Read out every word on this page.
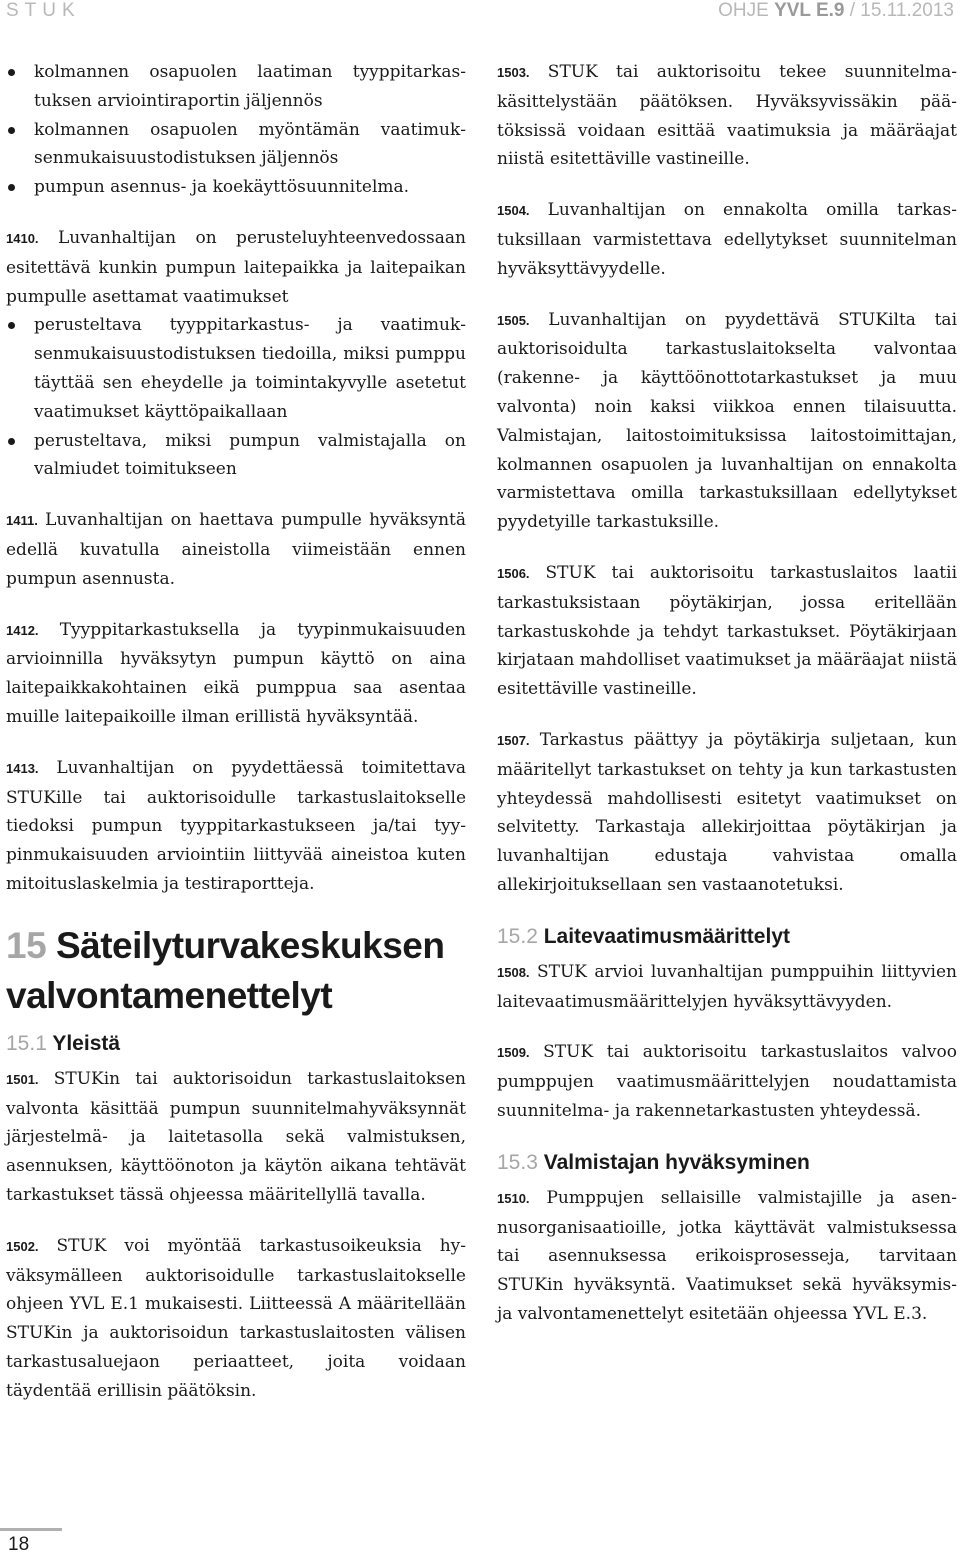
STUK	OHJE YVL E.9 / 15.11.2013
kolmannen osapuolen laatiman tyyppitarkastuksen arviointiraportin jäljennös
kolmannen osapuolen myöntämän vaatimuksenmukaisuustodistuksen jäljennös
pumpun asennus- ja koekäyttösuunnitelma.
1410. Luvanhaltijan on perusteluyhteenvedossaan esitettävä kunkin pumpun laitepaikka ja laitepaikan pumpulle asettamat vaatimukset
perusteltava tyyppitarkastus- ja vaatimuksenmukaisuustodistuksen tiedoilla, miksi pumppu täyttää sen eheydelle ja toimintakyvylle asetetut vaatimukset käyttöpaikallaan
perusteltava, miksi pumpun valmistajalla on valmiudet toimitukseen

1411. Luvanhaltijan on haettava pumpulle hyväksyntä edellä kuvatulla aineistolla viimeistään ennen pumpun asennusta.

1412. Tyyppitarkastuksella ja tyypinmukaisuuden arvioinnilla hyväksytyn pumpun käyttö on aina laitepaikkakohtainen eikä pumppua saa asentaa muille laitepaikoille ilman erillistä hyväksyntää.

1413. Luvanhaltijan on pyydettäessä toimitettava STUKille tai auktorisoidulle tarkastuslaitokselle tiedoksi pumpun tyyppitarkastukseen ja/tai tyypinmukaisuuden arviointiin liittyvää aineistoa kuten mitoituslaskelmia ja testiraportteja.

15 Säteilyturvakeskuksen valvontamenettelyt
15.1 Yleistä

1501. STUKin tai auktorisoidun tarkastuslaitoksen valvonta käsittää pumpun suunnitelmahyväksynnät järjestelmä- ja laitetasolla sekä valmistuksen, asennuksen, käyttöönoton ja käytön aikana tehtävät tarkastukset tässä ohjeessa määritellyllä tavalla.

1502. STUK voi myöntää tarkastusoikeuksia hyväksymälleen auktorisoidulle tarkastuslaitokselle ohjeen YVL E.1 mukaisesti. Liitteessä A määritellään STUKin ja auktorisoidun tarkastuslaitosten välisen tarkastusaluejaon periaatteet, joita voidaan täydentää erillisin päätöksin.

1503. STUK tai auktorisoitu tekee suunnitelmakäsittelystään päätöksen. Hyväksyvissäkin päätöksissä voidaan esittää vaatimuksia ja määräajat niistä esitettäville vastineille.

1504. Luvanhaltijan on ennakolta omilla tarkastuksillaan varmistettava edellytykset suunnitelman hyväksyttävyydelle.

1505. Luvanhaltijan on pyydettävä STUKilta tai auktorisoidulta tarkastuslaitokselta valvontaa (rakenne- ja käyttöönottotarkastukset ja muu valvonta) noin kaksi viikkoa ennen tilaisuutta. Valmistajan, laitostoimituksissa laitostoimittajan, kolmannen osapuolen ja luvanhaltijan on ennakolta varmistettava omilla tarkastuksillaan edellytykset pyydetyille tarkastuksille.

1506. STUK tai auktorisoitu tarkastuslaitos laatii tarkastuksistaan pöytäkirjan, jossa eritellään tarkastuskohde ja tehdyt tarkastukset. Pöytäkirjaan kirjataan mahdolliset vaatimukset ja määräajat niistä esitettäville vastineille.

1507. Tarkastus päättyy ja pöytäkirja suljetaan, kun määritellyt tarkastukset on tehty ja kun tarkastusten yhteydessä mahdollisesti esitetyt vaatimukset on selvitetty. Tarkastaja allekirjoittaa pöytäkirjan ja luvanhaltijan edustaja vahvistaa omalla allekirjoituksellaan sen vastaanotetuksi.

15.2 Laitevaatimusmäärittelyt

1508. STUK arvioi luvanhaltijan pumppuihin liittyvien laitevaatimusmäärittelyjen hyväksyttävyyden.

1509. STUK tai auktorisoitu tarkastuslaitos valvoo pumppujen vaatimusmäärittelyjen noudattamista suunnitelma- ja rakennetarkastusten yhteydessä.

15.3 Valmistajan hyväksyminen

1510. Pumppujen sellaisille valmistajille ja asennusorganisaatioille, jotka käyttävät valmistuksessa tai asennuksessa erikoisprosesseja, tarvitaan STUKin hyväksyntä. Vaatimukset sekä hyväksymis- ja valvontamenettelyt esitetään ohjeessa YVL E.3.

18
